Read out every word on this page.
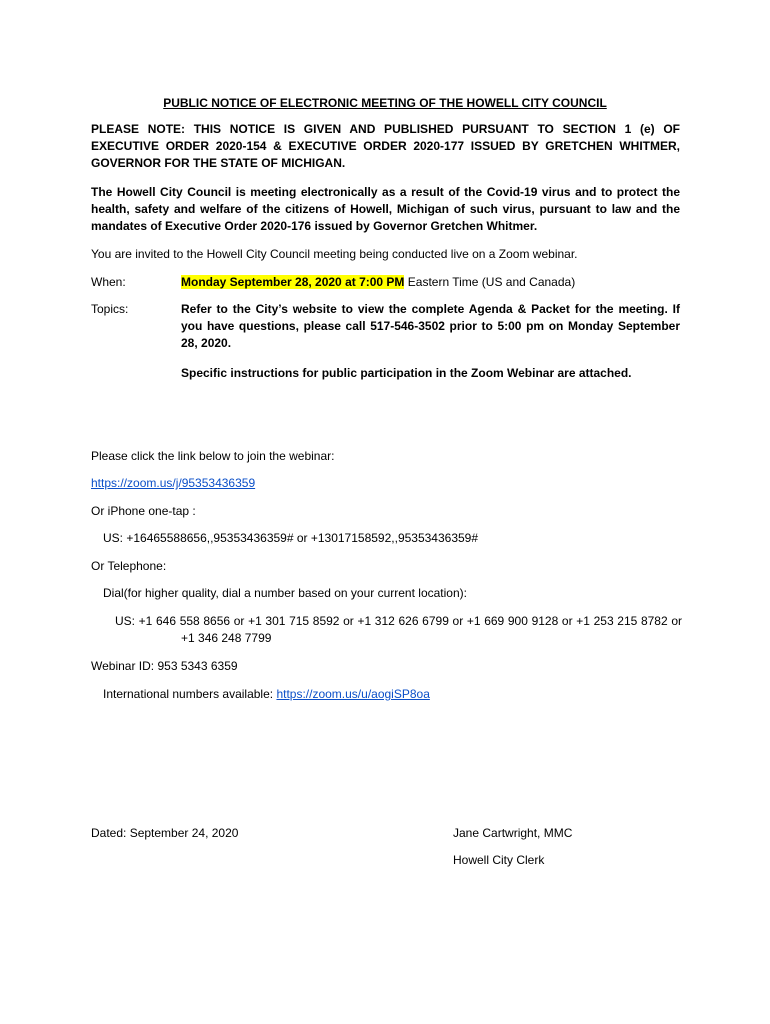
PUBLIC NOTICE OF ELECTRONIC MEETING OF THE HOWELL CITY COUNCIL

PLEASE NOTE: THIS NOTICE IS GIVEN AND PUBLISHED PURSUANT TO SECTION 1 (e) OF EXECUTIVE ORDER 2020-154 & EXECUTIVE ORDER 2020-177 ISSUED BY GRETCHEN WHITMER, GOVERNOR FOR THE STATE OF MICHIGAN.

The Howell City Council is meeting electronically as a result of the Covid-19 virus and to protect the health, safety and welfare of the citizens of Howell, Michigan of such virus, pursuant to law and the mandates of Executive Order 2020-176 issued by Governor Gretchen Whitmer.

You are invited to the Howell City Council meeting being conducted live on a Zoom webinar.

When:	Monday September 28, 2020 at 7:00 PM Eastern Time (US and Canada)
Topics:	Refer to the City’s website to view the complete Agenda & Packet for the meeting. If you have questions, please call 517-546-3502 prior to 5:00 pm on Monday September 28, 2020.

Specific instructions for public participation in the Zoom Webinar are attached.

Please click the link below to join the webinar:

https://zoom.us/j/95353436359

Or iPhone one-tap :

US: +16465588656,,95353436359# or +13017158592,,95353436359#

Or Telephone:

Dial(for higher quality, dial a number based on your current location):

US: +1 646 558 8656 or +1 301 715 8592 or +1 312 626 6799 or +1 669 900 9128 or +1 253 215 8782 or +1 346 248 7799

Webinar ID: 953 5343 6359

International numbers available: https://zoom.us/u/aogiSP8oa

Dated: September 24, 2020	Jane Cartwright, MMC

Howell City Clerk
